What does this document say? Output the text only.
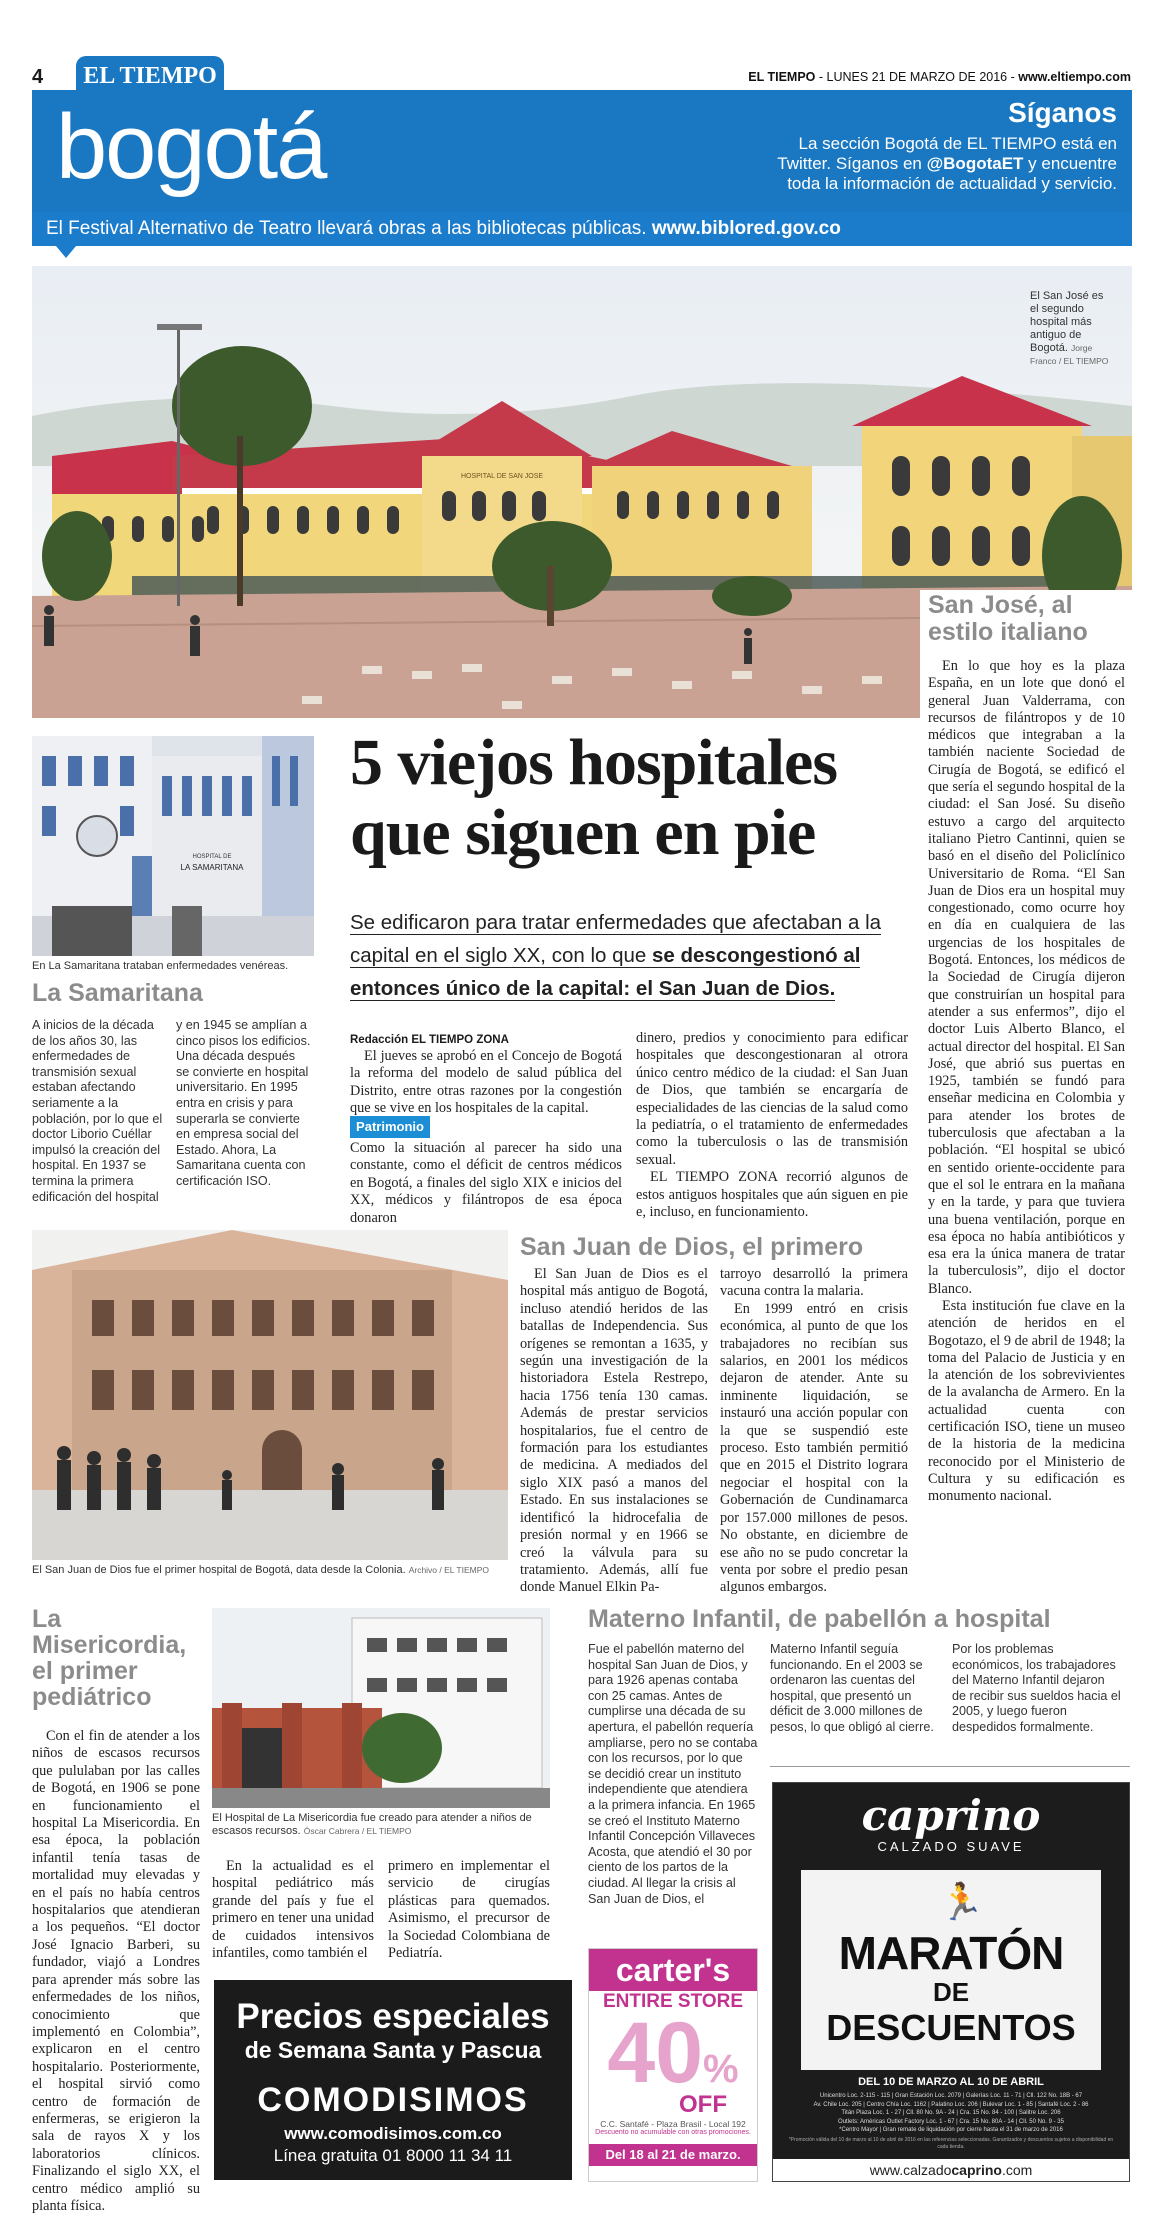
4	EL TIEMPO	EL TIEMPO - LUNES 21 DE MARZO DE 2016 - www.eltiempo.com
bogotá	Síganos
La sección Bogotá de EL TIEMPO está en
Twitter. Síganos en @BogotaET y encuentre
toda la información de actualidad y servicio.
El Festival Alternativo de Teatro llevará obras a las bibliotecas públicas. www.biblored.gov.co
HOSPITAL DE SAN JOSE
El San José es el segundo hospital más antiguo de Bogotá. Jorge Franco / EL TIEMPO
San José, al
estilo italiano

En lo que hoy es la plaza España, en un lote que donó el general Juan Valderrama, con recursos de filántropos y de 10 médicos que integraban a la también naciente Sociedad de Cirugía de Bogotá, se edificó el que sería el segundo hospital de la ciudad: el San José. Su diseño estuvo a cargo del arquitecto italiano Pietro Cantinni, quien se basó en el diseño del Policlínico Universitario de Roma. “El San Juan de Dios era un hospital muy congestionado, como ocurre hoy en día en cualquiera de las urgencias de los hospitales de Bogotá. Entonces, los médicos de la Sociedad de Cirugía dijeron que construirían un hospital para atender a sus enfermos”, dijo el doctor Luis Alberto Blanco, el actual director del hospital. El San José, que abrió sus puertas en 1925, también se fundó para enseñar medicina en Colombia y para atender los brotes de tuberculosis que afectaban a la población. “El hospital se ubicó en sentido oriente-occidente para que el sol le entrara en la mañana y en la tarde, y para que tuviera una buena ventilación, porque en esa época no había antibióticos y esa era la única manera de tratar la tuberculosis”, dijo el doctor Blanco.

Esta institución fue clave en la atención de heridos en el Bogotazo, el 9 de abril de 1948; la toma del Palacio de Justicia y en la atención de los sobrevivientes de la avalancha de Armero. En la actualidad cuenta con certificación ISO, tiene un museo de la historia de la medicina reconocido por el Ministerio de Cultura y su edificación es monumento nacional.

HOSPITAL DE
LA SAMARITANA
En La Samaritana trataban enfermedades venéreas.
La Samaritana
A inicios de la década de los años 30, las enfermedades de transmisión sexual estaban afectando seriamente a la población, por lo que el doctor Liborio Cuéllar impulsó la creación del hospital. En 1937 se termina la primera edificación del hospital
y en 1945 se amplían a cinco pisos los edificios. Una década después se convierte en hospital universitario. En 1995 entra en crisis y para superarla se convierte en empresa social del Estado. Ahora, La Samaritana cuenta con certificación ISO.
5 viejos hospitales
que siguen en pie
Se edificaron para tratar enfermedades que afectaban a la capital en el siglo XX, con lo que se descongestionó al entonces único de la capital: el San Juan de Dios.
Redacción EL TIEMPO ZONA

El jueves se aprobó en el Concejo de Bogotá la reforma del modelo de salud pública del Distrito, entre otras razones por la congestión que se vive en los hospitales de la capital.

Patrimonio
Como la situación al parecer ha sido una constante, como el déficit de centros médicos en Bogotá, a finales del siglo XIX e inicios del XX, médicos y filántropos de esa época donaron

dinero, predios y conocimiento para edificar hospitales que descongestionaran al otrora único centro médico de la ciudad: el San Juan de Dios, que también se encargaría de especialidades de las ciencias de la salud como la pediatría, o el tratamiento de enfermedades como la tuberculosis o las de transmisión sexual.

EL TIEMPO ZONA recorrió algunos de estos antiguos hospitales que aún siguen en pie e, incluso, en funcionamiento.

El San Juan de Dios fue el primer hospital de Bogotá, data desde la Colonia. Archivo / EL TIEMPO
San Juan de Dios, el primero

El San Juan de Dios es el hospital más antiguo de Bogotá, incluso atendió heridos de las batallas de Independencia. Sus orígenes se remontan a 1635, y según una investigación de la historiadora Estela Restrepo, hacia 1756 tenía 130 camas. Además de prestar servicios hospitalarios, fue el centro de formación para los estudiantes de medicina. A mediados del siglo XIX pasó a manos del Estado. En sus instalaciones se identificó la hidrocefalia de presión normal y en 1966 se creó la válvula para su tratamiento. Además, allí fue donde Manuel Elkin Pa-

tarroyo desarrolló la primera vacuna contra la malaria.

En 1999 entró en crisis económica, al punto de que los trabajadores no recibían sus salarios, en 2001 los médicos dejaron de atender. Ante su inminente liquidación, se instauró una acción popular con la que se suspendió este proceso. Esto también permitió que en 2015 el Distrito lograra negociar el hospital con la Gobernación de Cundinamarca por 157.000 millones de pesos. No obstante, en diciembre de ese año no se pudo concretar la venta por sobre el predio pesan algunos embargos.

La
Misericordia,
el primer
pediátrico

Con el fin de atender a los niños de escasos recursos que pululaban por las calles de Bogotá, en 1906 se pone en funcionamiento el hospital La Misericordia. En esa época, la población infantil tenía tasas de mortalidad muy elevadas y en el país no había centros hospitalarios que atendieran a los pequeños. “El doctor José Ignacio Barberi, su fundador, viajó a Londres para aprender más sobre las enfermedades de los niños, conocimiento que implementó en Colombia”, explicaron en el centro hospitalario. Posteriormente, el hospital sirvió como centro de formación de enfermeras, se erigieron la sala de rayos X y los laboratorios clínicos. Finalizando el siglo XX, el centro médico amplió su planta física.

El Hospital de La Misericordia fue creado para atender a niños de escasos recursos. Óscar Cabrera / EL TIEMPO

En la actualidad es el hospital pediátrico más grande del país y fue el primero en tener una unidad de cuidados intensivos infantiles, como también el

primero en implementar el servicio de cirugías plásticas para quemados. Asimismo, el precursor de la Sociedad Colombiana de Pediatría.

Materno Infantil, de pabellón a hospital
Fue el pabellón materno del hospital San Juan de Dios, y para 1926 apenas contaba con 25 camas. Antes de cumplirse una década de su apertura, el pabellón requería ampliarse, pero no se contaba con los recursos, por lo que se decidió crear un instituto independiente que atendiera a la primera infancia. En 1965 se creó el Instituto Materno Infantil Concepción Villaveces Acosta, que atendió el 30 por ciento de los partos de la ciudad. Al llegar la crisis al San Juan de Dios, el
Materno Infantil seguía funcionando. En el 2003 se ordenaron las cuentas del hospital, que presentó un déficit de 3.000 millones de pesos, lo que obligó al cierre.
Por los problemas económicos, los trabajadores del Materno Infantil dejaron de recibir sus sueldos hacia el 2005, y luego fueron despedidos formalmente.
Precios especiales
de Semana Santa y Pascua
COMODISIMOS
www.comodisimos.com.co
Línea gratuita 01 8000 11 34 11
carter's
ENTIRE STORE
40%
OFF
C.C. Santafé - Plaza Brasil - Local 192
Descuento no acumulable con otras promociones.
Del 18 al 21 de marzo.
caprino
CALZADO SUAVE
🏃
MARATÓN
DE
DESCUENTOS
DEL 10 DE MARZO AL 10 DE ABRIL
Unicentro Loc. 2-115 - 115 | Gran Estación Loc. 2079 | Galerías Loc. 11 - 71 | Cll. 122 No. 18B - 67
Av. Chile Loc. 205 | Centro Chía Loc. 1162 | Palatino Loc. 206 | Bulevar Loc. 1 - 85 | Santafé Loc. 2 - 86
Titán Plaza Loc. 1 - 27 | Cll. 80 No. 9A - 24 | Cra. 15 No. 84 - 100 | Salitre Loc. 206
Outlets: Américas Outlet Factory Loc. 1 - 67 | Cra. 15 No. 80A - 14 | Cll. 50 No. 9 - 35
*Centro Mayor | Gran remate de liquidación por cierre hasta el 31 de marzo de 2016
*Promoción válida del 10 de marzo al 10 de abril de 2016 en las referencias seleccionadas. Garantizados y descuentos sujetos a disponibilidad en cada tienda.
www.calzadocaprino.com
